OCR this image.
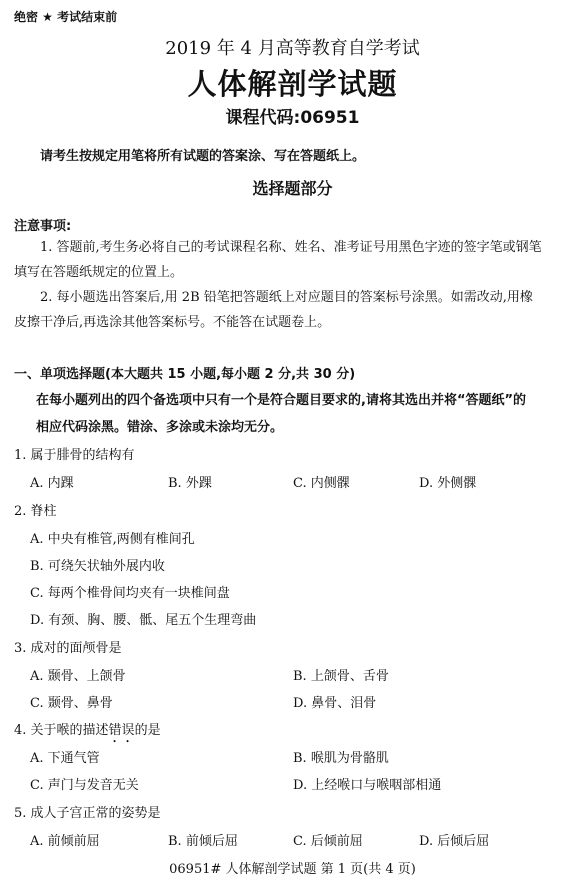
绝密 ★ 考试结束前
2019 年 4 月高等教育自学考试
人体解剖学试题
课程代码:06951
请考生按规定用笔将所有试题的答案涂、写在答题纸上。
选择题部分
注意事项:
1. 答题前,考生务必将自己的考试课程名称、姓名、准考证号用黑色字迹的签字笔或钢笔
填写在答题纸规定的位置上。
2. 每小题选出答案后,用 2B 铅笔把答题纸上对应题目的答案标号涂黑。如需改动,用橡
皮擦干净后,再选涂其他答案标号。不能答在试题卷上。
一、单项选择题(本大题共 15 小题,每小题 2 分,共 30 分)
在每小题列出的四个备选项中只有一个是符合题目要求的,请将其选出并将“答题纸”的
相应代码涂黑。错涂、多涂或未涂均无分。
1. 属于腓骨的结构有
A. 内踝	B. 外踝	C. 内侧髁	D. 外侧髁
2. 脊柱
A. 中央有椎管,两侧有椎间孔
B. 可绕矢状轴外展内收
C. 每两个椎骨间均夹有一块椎间盘
D. 有颈、胸、腰、骶、尾五个生理弯曲
3. 成对的面颅骨是
A. 颞骨、上颌骨	B. 上颌骨、舌骨
C. 颞骨、鼻骨	D. 鼻骨、泪骨
4. 关于喉的描述错误的是
A. 下通气管	B. 喉肌为骨骼肌
C. 声门与发音无关	D. 上经喉口与喉咽部相通
5. 成人子宫正常的姿势是
A. 前倾前屈	B. 前倾后屈	C. 后倾前屈	D. 后倾后屈
06951# 人体解剖学试题 第 1 页(共 4 页)
